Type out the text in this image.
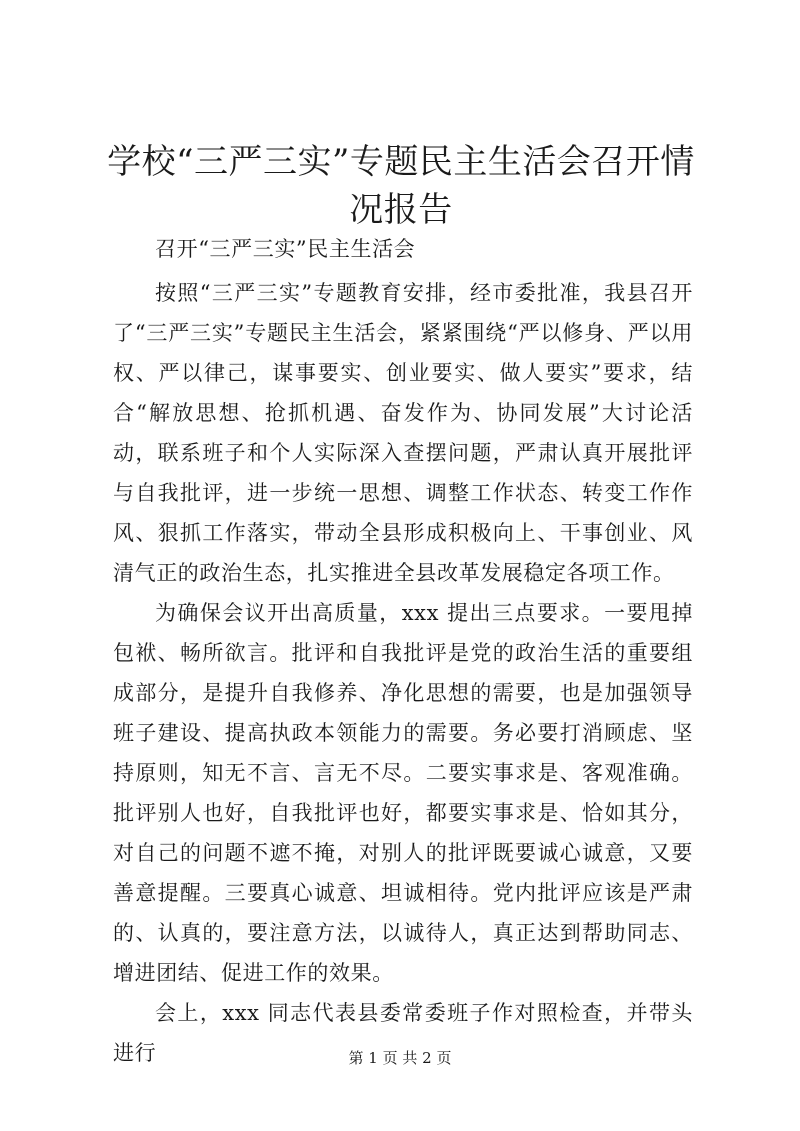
学校“三严三实”专题民主生活会召开情况报告

召开“三严三实”民主生活会

按照“三严三实”专题教育安排，经市委批准，我县召开了“三严三实”专题民主生活会，紧紧围绕“严以修身、严以用权、严以律己，谋事要实、创业要实、做人要实”要求，结合“解放思想、抢抓机遇、奋发作为、协同发展”大讨论活动，联系班子和个人实际深入查摆问题，严肃认真开展批评与自我批评，进一步统一思想、调整工作状态、转变工作作风、狠抓工作落实，带动全县形成积极向上、干事创业、风清气正的政治生态，扎实推进全县改革发展稳定各项工作。

为确保会议开出高质量，xxx 提出三点要求。一要甩掉包袱、畅所欲言。批评和自我批评是党的政治生活的重要组成部分，是提升自我修养、净化思想的需要，也是加强领导班子建设、提高执政本领能力的需要。务必要打消顾虑、坚持原则，知无不言、言无不尽。二要实事求是、客观准确。批评别人也好，自我批评也好，都要实事求是、恰如其分，对自己的问题不遮不掩，对别人的批评既要诚心诚意，又要善意提醒。三要真心诚意、坦诚相待。党内批评应该是严肃的、认真的，要注意方法，以诚待人，真正达到帮助同志、增进团结、促进工作的效果。

会上，xxx 同志代表县委常委班子作对照检查，并带头进行	第 1 页 共 2 页
